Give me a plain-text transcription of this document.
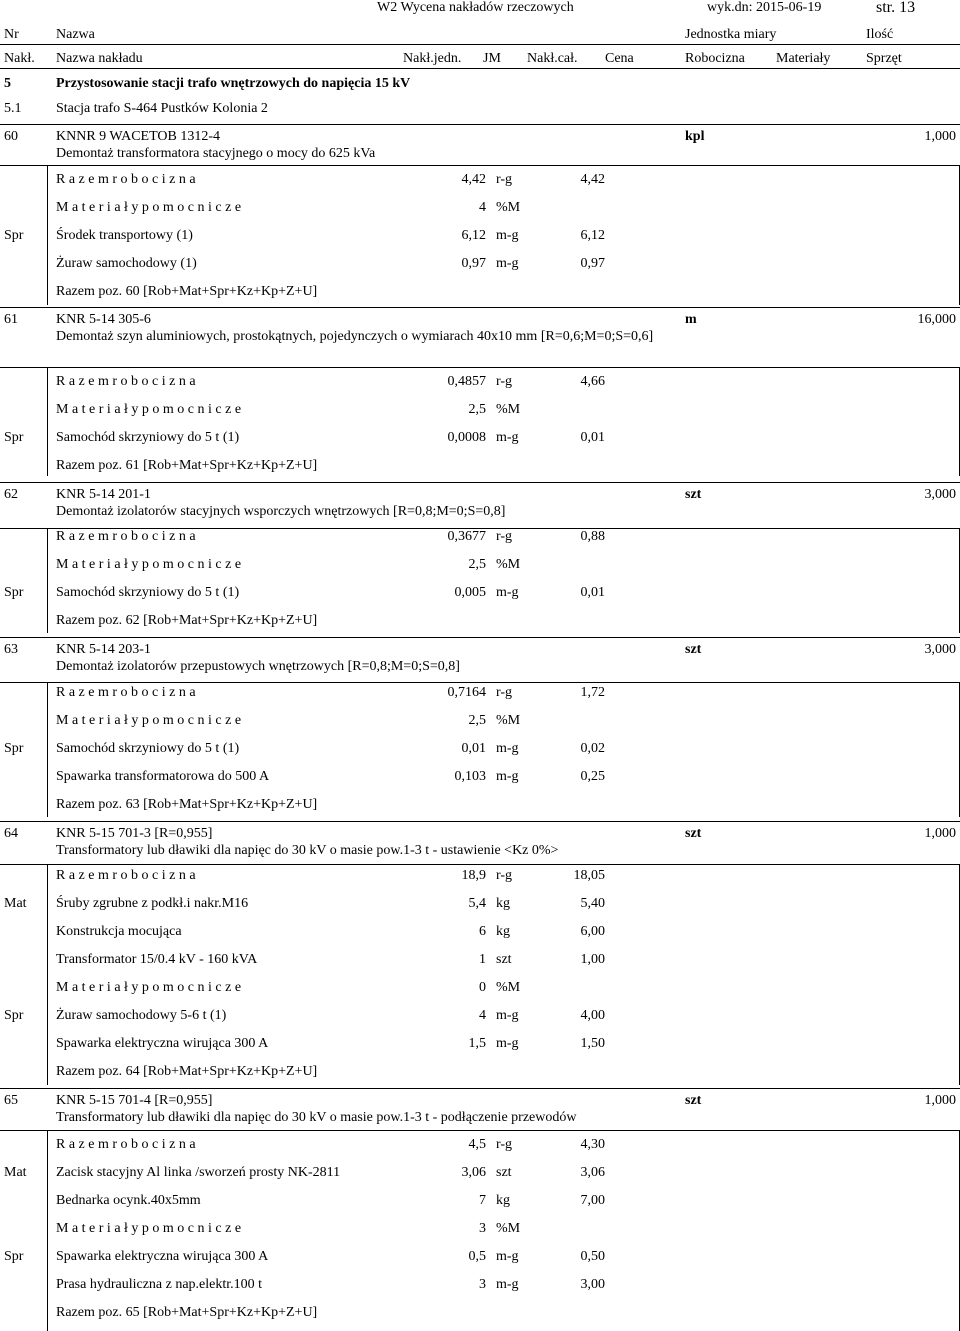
W2 Wycena nakładów rzeczowych	wyk.dn: 2015-06-19	str. 13
Nr	Nazwa	Jednostka miary	Ilość
Nakł. Nazwa nakładu	Nakł.jedn. JM Nakł.cał. Cena	Robocizna Materiały	Sprzęt
5	Przystosowanie stacji trafo wnętrzowych do napięcia 15 kV
5.1 Stacja trafo S-464 Pustków Kolonia 2
60	KNNR 9 WACETOB 1312-4
Demontaż transformatora stacyjnego o mocy do 625 kVa
kpl	1,000
R a z e m r o b o c i z n a	4,42 r-g	4,42
M a t e r i a ł y p o m o c n i c z e	4 %M
Spr Środek transportowy (1)	6,12 m-g	6,12
Żuraw samochodowy (1)	0,97 m-g	0,97
Razem poz. 60 [Rob+Mat+Spr+Kz+Kp+Z+U]
61	KNR 5-14 305-6
Demontaż szyn aluminiowych, prostokątnych, pojedynczych o wymiarach 40x10 mm [R=0,6;M=0;S=0,6]
m	16,000
R a z e m r o b o c i z n a	0,4857 r-g	4,66
M a t e r i a ł y p o m o c n i c z e	2,5 %M
Spr Samochód skrzyniowy do 5 t (1)	0,0008 m-g	0,01
Razem poz. 61 [Rob+Mat+Spr+Kz+Kp+Z+U]
62	KNR 5-14 201-1
Demontaż izolatorów stacyjnych wsporczych wnętrzowych [R=0,8;M=0;S=0,8]
szt	3,000
R a z e m r o b o c i z n a	0,3677 r-g	0,88
M a t e r i a ł y p o m o c n i c z e	2,5 %M
Spr Samochód skrzyniowy do 5 t (1)	0,005 m-g	0,01
Razem poz. 62 [Rob+Mat+Spr+Kz+Kp+Z+U]
63	KNR 5-14 203-1
Demontaż izolatorów przepustowych wnętrzowych [R=0,8;M=0;S=0,8]
szt	3,000
R a z e m r o b o c i z n a	0,7164 r-g	1,72
M a t e r i a ł y p o m o c n i c z e	2,5 %M
Spr Samochód skrzyniowy do 5 t (1)	0,01 m-g	0,02
Spawarka transformatorowa do 500 A	0,103 m-g	0,25
Razem poz. 63 [Rob+Mat+Spr+Kz+Kp+Z+U]
64	KNR 5-15 701-3 [R=0,955]
Transformatory lub dławiki dla napięc do 30 kV o masie pow.1-3 t - ustawienie <Kz 0%>
szt	1,000
R a z e m r o b o c i z n a	18,9 r-g	18,05
Mat Śruby zgrubne z podkł.i nakr.M16	5,4 kg	5,40
Konstrukcja mocująca	6 kg	6,00
Transformator 15/0.4 kV - 160 kVA	1 szt	1,00
M a t e r i a ł y p o m o c n i c z e	0 %M
Spr Żuraw samochodowy 5-6 t (1)	4 m-g	4,00
Spawarka elektryczna wirująca 300 A	1,5 m-g	1,50
Razem poz. 64 [Rob+Mat+Spr+Kz+Kp+Z+U]
65	KNR 5-15 701-4 [R=0,955]
Transformatory lub dławiki dla napięc do 30 kV o masie pow.1-3 t - podłączenie przewodów
szt	1,000
R a z e m r o b o c i z n a	4,5 r-g	4,30
Mat Zacisk stacyjny Al linka /sworzeń prosty NK-2811	3,06 szt	3,06
Bednarka ocynk.40x5mm	7 kg	7,00
M a t e r i a ł y p o m o c n i c z e	3 %M
Spr Spawarka elektryczna wirująca 300 A	0,5 m-g	0,50
Prasa hydrauliczna z nap.elektr.100 t	3 m-g	3,00
Razem poz. 65 [Rob+Mat+Spr+Kz+Kp+Z+U]
